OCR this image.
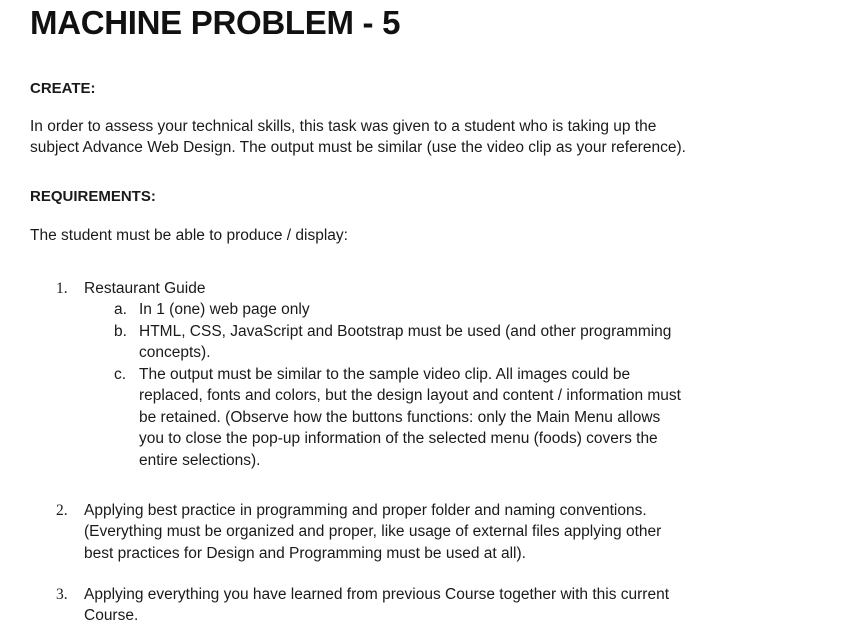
MACHINE PROBLEM - 5
CREATE:

In order to assess your technical skills, this task was given to a student who is taking up the

subject Advance Web Design. The output must be similar (use the video clip as your reference).

REQUIREMENTS:

The student must be able to produce / display:

1. Restaurant Guide

a. In 1 (one) web page only

b. HTML, CSS, JavaScript and Bootstrap must be used (and other programming

concepts).

c. The output must be similar to the sample video clip. All images could be

replaced, fonts and colors, but the design layout and content / information must

be retained. (Observe how the buttons functions: only the Main Menu allows

you to close the pop-up information of the selected menu (foods) covers the

entire selections).

2. Applying best practice in programming and proper folder and naming conventions.

(Everything must be organized and proper, like usage of external files applying other

best practices for Design and Programming must be used at all).

3. Applying everything you have learned from previous Course together with this current

Course.
